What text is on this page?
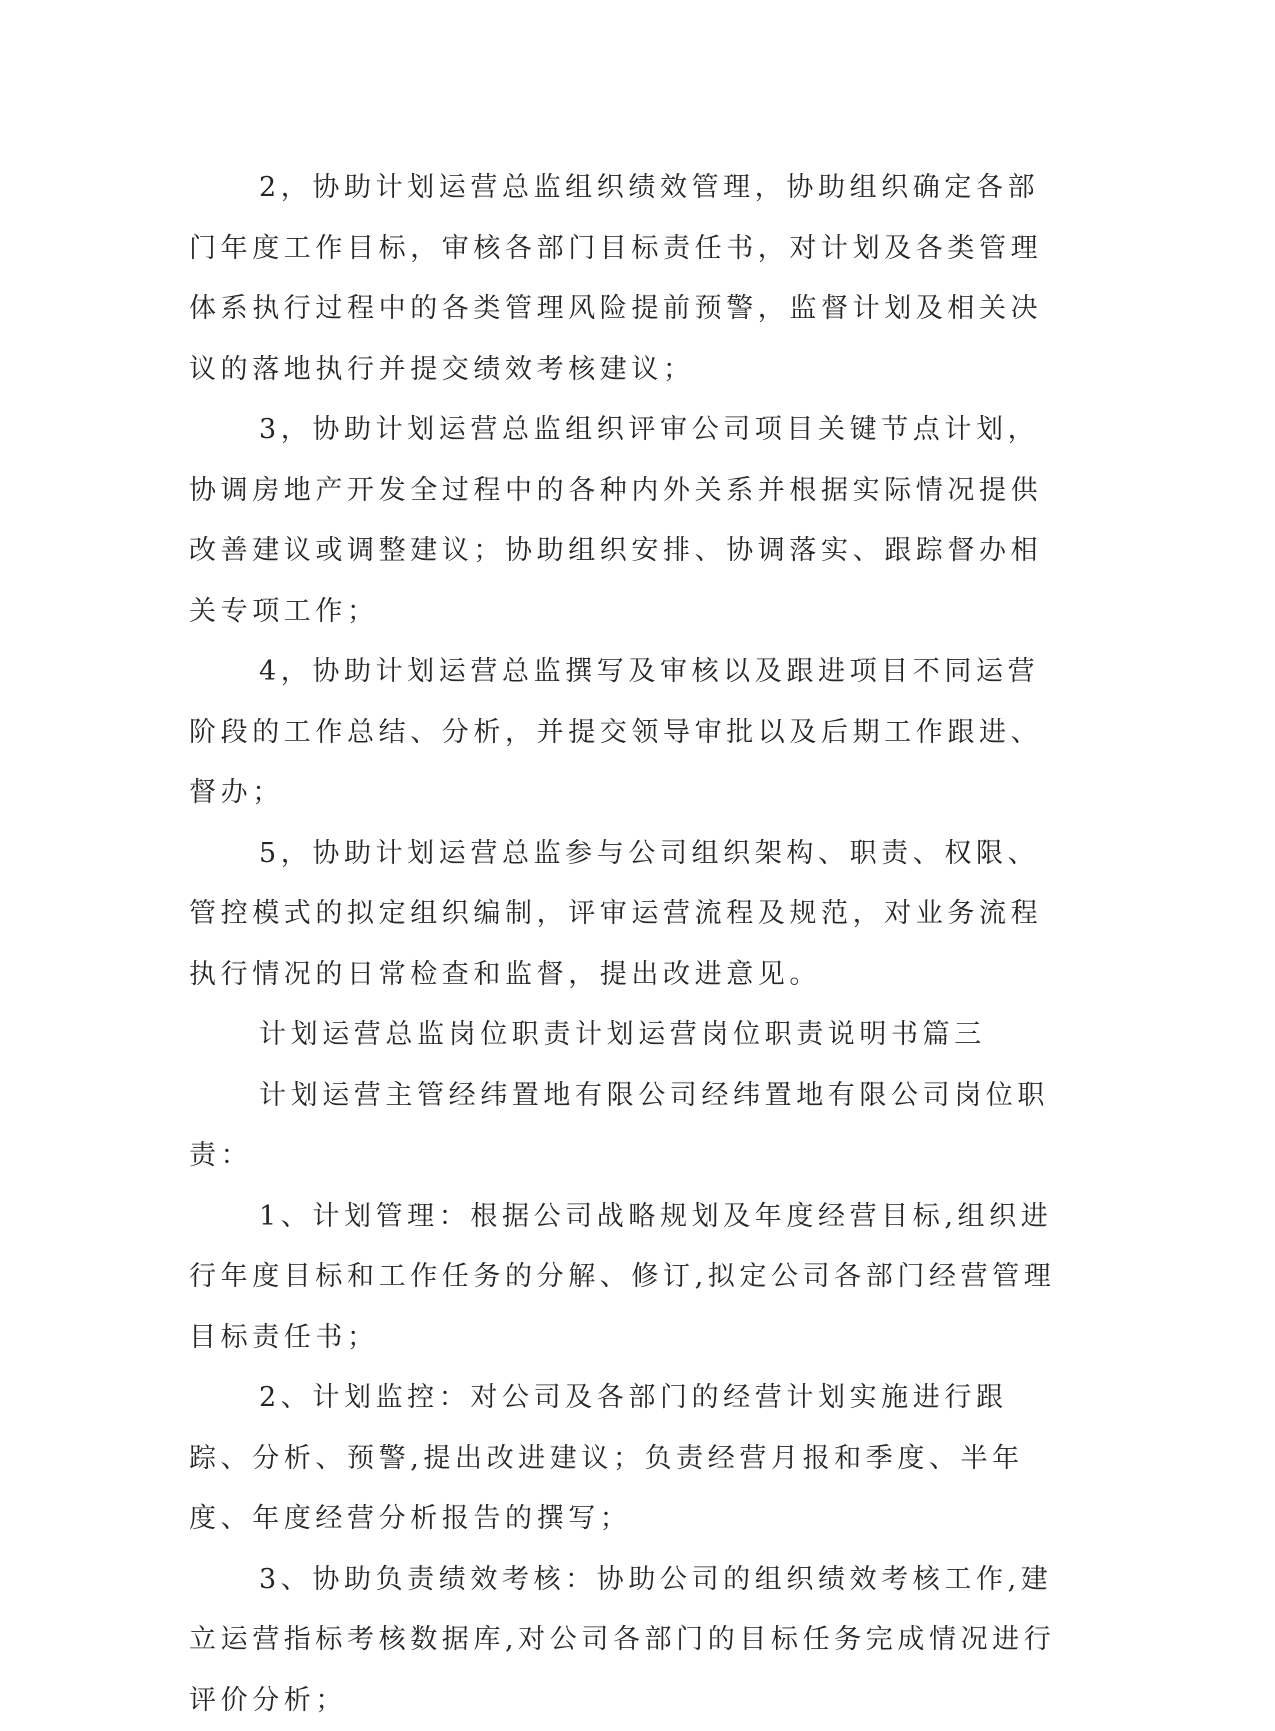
2，协助计划运营总监组织绩效管理，协助组织确定各部门年度工作目标，审核各部门目标责任书，对计划及各类管理体系执行过程中的各类管理风险提前预警，监督计划及相关决议的落地执行并提交绩效考核建议；

3，协助计划运营总监组织评审公司项目关键节点计划，协调房地产开发全过程中的各种内外关系并根据实际情况提供改善建议或调整建议；协助组织安排、协调落实、跟踪督办相关专项工作；

4，协助计划运营总监撰写及审核以及跟进项目不同运营阶段的工作总结、分析，并提交领导审批以及后期工作跟进、督办；

5，协助计划运营总监参与公司组织架构、职责、权限、管控模式的拟定组织编制，评审运营流程及规范，对业务流程执行情况的日常检查和监督，提出改进意见。

计划运营总监岗位职责计划运营岗位职责说明书篇三

计划运营主管经纬置地有限公司经纬置地有限公司岗位职责：

1、计划管理：根据公司战略规划及年度经营目标,组织进行年度目标和工作任务的分解、修订,拟定公司各部门经营管理目标责任书；

2、计划监控：对公司及各部门的经营计划实施进行跟踪、分析、预警,提出改进建议；负责经营月报和季度、半年度、年度经营分析报告的撰写；

3、协助负责绩效考核：协助公司的组织绩效考核工作,建立运营指标考核数据库,对公司各部门的目标任务完成情况进行评价分析；
